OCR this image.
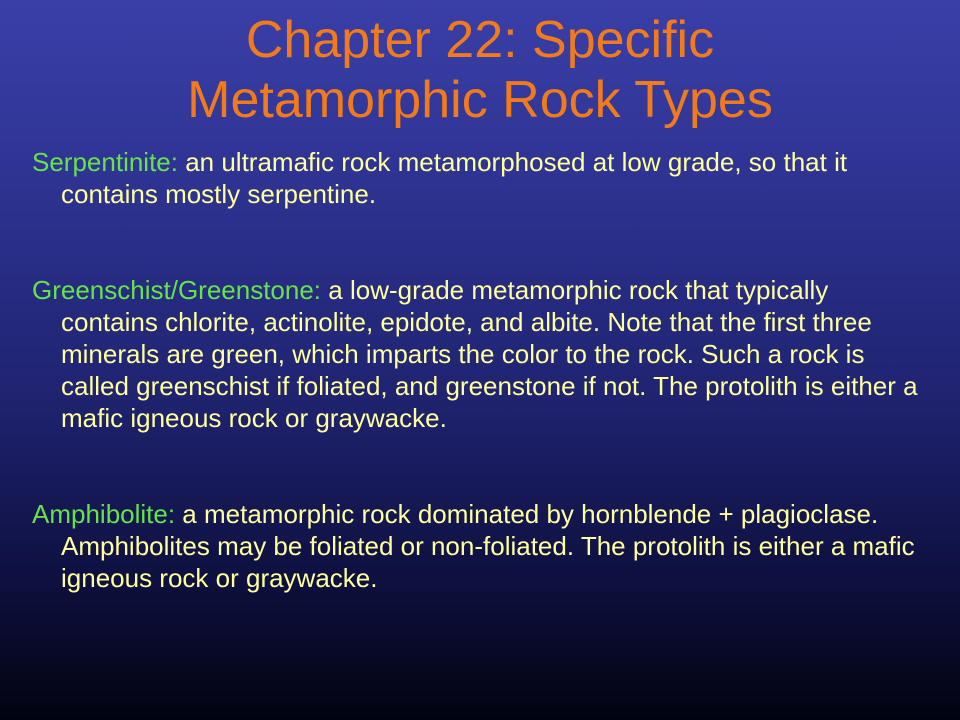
Chapter 22: Specific
Metamorphic Rock Types

Serpentinite: an ultramafic rock metamorphosed at low grade, so that it contains mostly serpentine.

Greenschist/Greenstone: a low-grade metamorphic rock that typically contains chlorite, actinolite, epidote, and albite. Note that the first three minerals are green, which imparts the color to the rock. Such a rock is called greenschist if foliated, and greenstone if not. The protolith is either a mafic igneous rock or graywacke.

Amphibolite: a metamorphic rock dominated by hornblende + plagioclase. Amphibolites may be foliated or non-foliated. The protolith is either a mafic igneous rock or graywacke.
